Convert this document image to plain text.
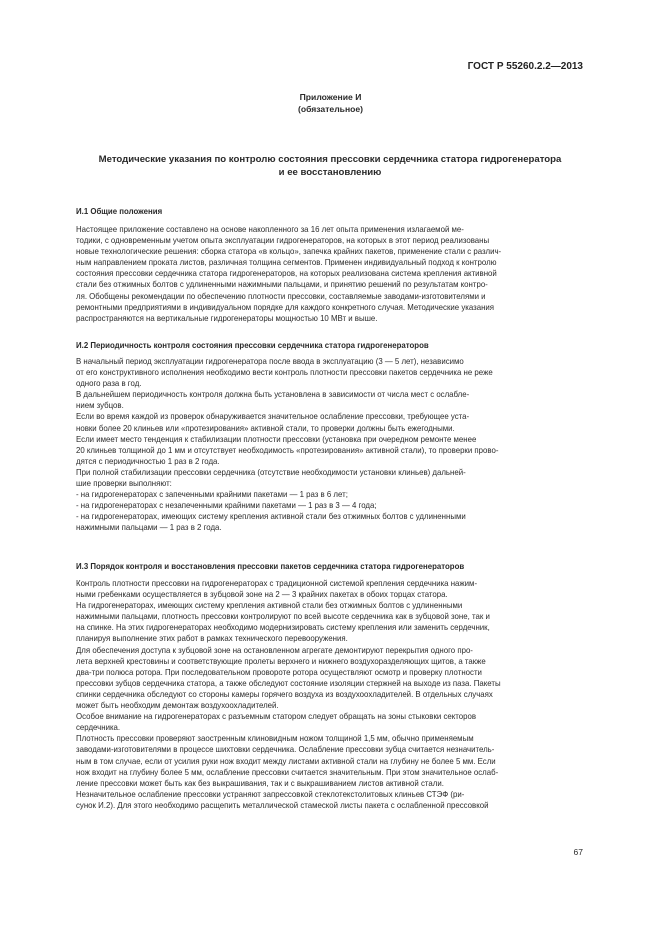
ГОСТ Р 55260.2.2—2013
Приложение И
(обязательное)
Методические указания по контролю состояния прессовки сердечника статора гидрогенератора
и ее восстановлению
И.1 Общие положения

Настоящее приложение составлено на основе накопленного за 16 лет опыта применения излагаемой ме-

тодики, с одновременным учетом опыта эксплуатации гидрогенераторов, на которых в этот период реализованы

новые технологические решения: сборка статора «в кольцо», запечка крайних пакетов, применение стали с различ-

ным направлением проката листов, различная толщина сегментов. Применен индивидуальный подход к контролю

состояния прессовки сердечника статора гидрогенераторов, на которых реализована система крепления активной

стали без отжимных болтов с удлиненными нажимными пальцами, и принятию решений по результатам контро-

ля. Обобщены рекомендации по обеспечению плотности прессовки, составляемые заводами-изготовителями и

ремонтными предприятиями в индивидуальном порядке для каждого конкретного случая. Методические указания

распространяются на вертикальные гидрогенераторы мощностью 10 МВт и выше.

И.2 Периодичность контроля состояния прессовки сердечника статора гидрогенераторов

В начальный период эксплуатации гидрогенератора после ввода в эксплуатацию (3 — 5 лет), независимо

от его конструктивного исполнения необходимо вести контроль плотности прессовки пакетов сердечника не реже

одного раза в год.

В дальнейшем периодичность контроля должна быть установлена в зависимости от числа мест с ослабле-

нием зубцов.

Если во время каждой из проверок обнаруживается значительное ослабление прессовки, требующее уста-

новки более 20 клиньев или «протезирования» активной стали, то проверки должны быть ежегодными.

Если имеет место тенденция к стабилизации плотности прессовки (установка при очередном ремонте менее

20 клиньев толщиной до 1 мм и отсутствует необходимость «протезирования» активной стали), то проверки прово-

дятся с периодичностью 1 раз в 2 года.

При полной стабилизации прессовки сердечника (отсутствие необходимости установки клиньев) дальней-

шие проверки выполняют:

- на гидрогенераторах с запеченными крайними пакетами — 1 раз в 6 лет;

- на гидрогенераторах с незапеченными крайними пакетами — 1 раз в 3 — 4 года;

- на гидрогенераторах, имеющих систему крепления активной стали без отжимных болтов с удлиненными

нажимными пальцами — 1 раз в 2 года.

И.3 Порядок контроля и восстановления прессовки пакетов сердечника статора гидрогенераторов

Контроль плотности прессовки на гидрогенераторах с традиционной системой крепления сердечника нажим-

ными гребенками осуществляется в зубцовой зоне на 2 — 3 крайних пакетах в обоих торцах статора.

На гидрогенераторах, имеющих систему крепления активной стали без отжимных болтов с удлиненными

нажимными пальцами, плотность прессовки контролируют по всей высоте сердечника как в зубцовой зоне, так и

на спинке. На этих гидрогенераторах необходимо модернизировать систему крепления или заменить сердечник,

планируя выполнение этих работ в рамках технического перевооружения.

Для обеспечения доступа к зубцовой зоне на остановленном агрегате демонтируют перекрытия одного про-

лета верхней крестовины и соответствующие пролеты верхнего и нижнего воздухоразделяющих щитов, а также

два-три полюса ротора. При последовательном провороте ротора осуществляют осмотр и проверку плотности

прессовки зубцов сердечника статора, а также обследуют состояние изоляции стержней на выходе из паза. Пакеты

спинки сердечника обследуют со стороны камеры горячего воздуха из воздухоохладителей. В отдельных случаях

может быть необходим демонтаж воздухоохладителей.

Особое внимание на гидрогенераторах с разъемным статором следует обращать на зоны стыковки секторов

сердечника.

Плотность прессовки проверяют заостренным клиновидным ножом толщиной 1,5 мм, обычно применяемым

заводами-изготовителями в процессе шихтовки сердечника. Ослабление прессовки зубца считается незначитель-

ным в том случае, если от усилия руки нож входит между листами активной стали на глубину не более 5 мм. Если

нож входит на глубину более 5 мм, ослабление прессовки считается значительным. При этом значительное ослаб-

ление прессовки может быть как без выкрашивания, так и с выкрашиванием листов активной стали.

Незначительное ослабление прессовки устраняют запрессовкой стеклотекстолитовых клиньев СТЭФ (ри-

сунок И.2). Для этого необходимо расщепить металлической стамеской листы пакета с ослабленной прессовкой

67
